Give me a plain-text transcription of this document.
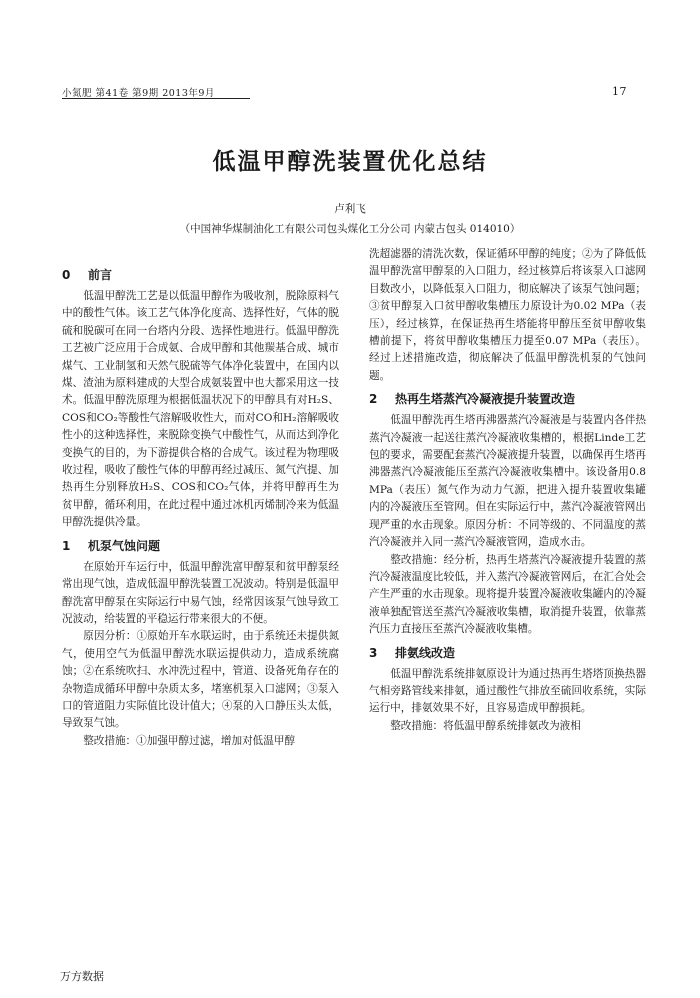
小氮肥 第41卷 第9期 2013年9月	17
低温甲醇洗装置优化总结
卢利飞
（中国神华煤制油化工有限公司包头煤化工分公司 内蒙古包头 014010）
0 前言

低温甲醇洗工艺是以低温甲醇作为吸收剂，脱除原料气中的酸性气体。该工艺气体净化度高、选择性好，气体的脱硫和脱碳可在同一台塔内分段、选择性地进行。低温甲醇洗工艺被广泛应用于合成氨、合成甲醇和其他羰基合成、城市煤气、工业制氢和天然气脱硫等气体净化装置中，在国内以煤、渣油为原料建成的大型合成氨装置中也大都采用这一技术。低温甲醇洗原理为根据低温状况下的甲醇具有对H₂S、COS和CO₂等酸性气溶解吸收性大，而对CO和H₂溶解吸收性小的这种选择性，来脱除变换气中酸性气，从而达到净化变换气的目的，为下游提供合格的合成气。该过程为物理吸收过程，吸收了酸性气体的甲醇再经过减压、氮气汽提、加热再生分别释放H₂S、COS和CO₂气体，并将甲醇再生为贫甲醇，循环利用，在此过程中通过冰机丙烯制冷来为低温甲醇洗提供冷量。

1 机泵气蚀问题

在原始开车运行中，低温甲醇洗富甲醇泵和贫甲醇泵经常出现气蚀，造成低温甲醇洗装置工况波动。特别是低温甲醇洗富甲醇泵在实际运行中易气蚀，经常因该泵气蚀导致工况波动，给装置的平稳运行带来很大的不便。

原因分析：①原始开车水联运时，由于系统还未提供氮气，使用空气为低温甲醇洗水联运提供动力，造成系统腐蚀；②在系统吹扫、水冲洗过程中，管道、设备死角存在的杂物造成循环甲醇中杂质太多，堵塞机泵入口滤网；③泵入口的管道阻力实际值比设计值大；④泵的入口静压头太低，导致泵气蚀。

整改措施：①加强甲醇过滤，增加对低温甲醇

洗超滤器的清洗次数，保证循环甲醇的纯度；②为了降低低温甲醇洗富甲醇泵的入口阻力，经过核算后将该泵入口滤网目数改小，以降低泵入口阻力，彻底解决了该泵气蚀问题；③贫甲醇泵入口贫甲醇收集槽压力原设计为0.02 MPa（表压），经过核算，在保证热再生塔能将甲醇压至贫甲醇收集槽前提下，将贫甲醇收集槽压力提至0.07 MPa（表压）。经过上述措施改造，彻底解决了低温甲醇洗机泵的气蚀问题。

2 热再生塔蒸汽冷凝液提升装置改造

低温甲醇洗再生塔再沸器蒸汽冷凝液是与装置内各伴热蒸汽冷凝液一起送往蒸汽冷凝液收集槽的，根据Linde工艺包的要求，需要配套蒸汽冷凝液提升装置，以确保再生塔再沸器蒸汽冷凝液能压至蒸汽冷凝液收集槽中。该设备用0.8 MPa（表压）氮气作为动力气源，把进入提升装置收集罐内的冷凝液压至管网。但在实际运行中，蒸汽冷凝液管网出现严重的水击现象。原因分析：不同等级的、不同温度的蒸汽冷凝液并入同一蒸汽冷凝液管网，造成水击。

整改措施：经分析，热再生塔蒸汽冷凝液提升装置的蒸汽冷凝液温度比较低，并入蒸汽冷凝液管网后，在汇合处会产生严重的水击现象。现将提升装置冷凝液收集罐内的冷凝液单独配管送至蒸汽冷凝液收集槽，取消提升装置，依靠蒸汽压力直接压至蒸汽冷凝液收集槽。

3 排氨线改造

低温甲醇洗系统排氨原设计为通过热再生塔塔顶换热器气相旁路管线来排氨，通过酸性气排放至硫回收系统，实际运行中，排氨效果不好，且容易造成甲醇损耗。

整改措施：将低温甲醇系统排氨改为液相

万方数据
